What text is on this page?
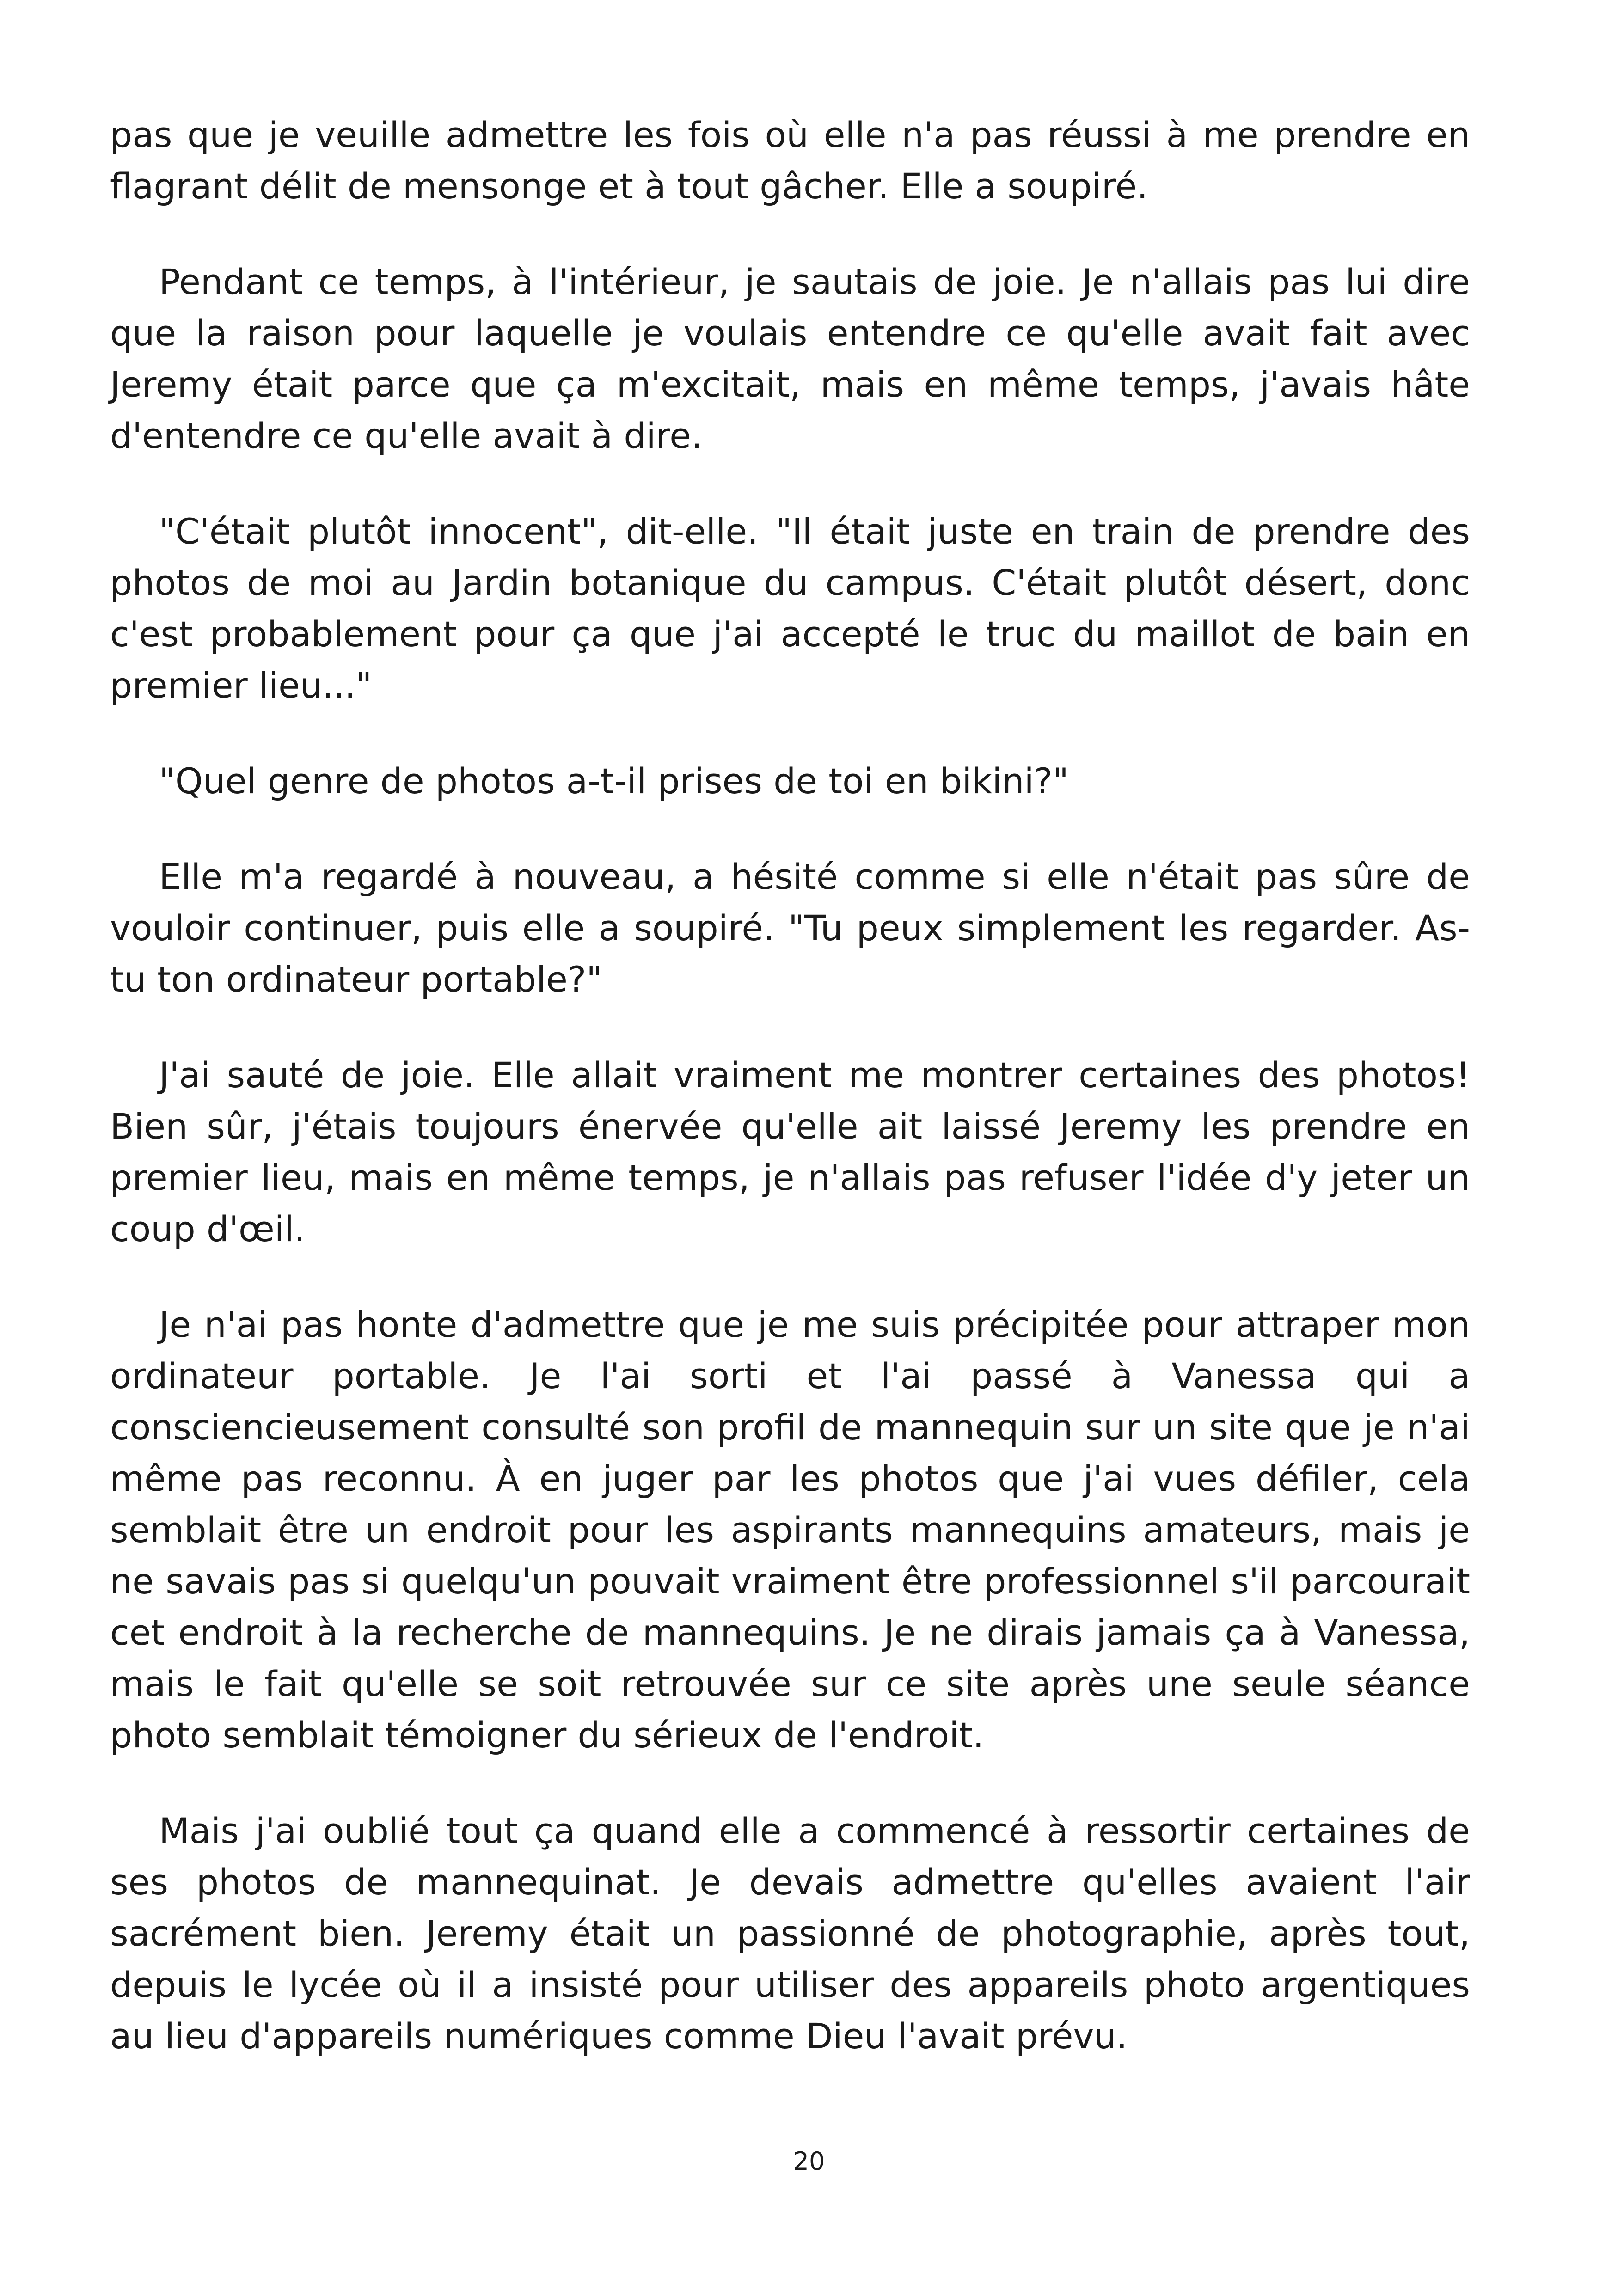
pas que je veuille admettre les fois où elle n'a pas réussi à me prendre en flagrant délit de mensonge et à tout gâcher. Elle a soupiré.

Pendant ce temps, à l'intérieur, je sautais de joie. Je n'allais pas lui dire que la raison pour laquelle je voulais entendre ce qu'elle avait fait avec Jeremy était parce que ça m'excitait, mais en même temps, j'avais hâte d'entendre ce qu'elle avait à dire.

"C'était plutôt innocent", dit-elle. "Il était juste en train de prendre des photos de moi au Jardin botanique du campus. C'était plutôt désert, donc c'est probablement pour ça que j'ai accepté le truc du maillot de bain en premier lieu..."

"Quel genre de photos a-t-il prises de toi en bikini?"

Elle m'a regardé à nouveau, a hésité comme si elle n'était pas sûre de vouloir continuer, puis elle a soupiré. "Tu peux simplement les regarder. As-tu ton ordinateur portable?"

J'ai sauté de joie. Elle allait vraiment me montrer certaines des photos! Bien sûr, j'étais toujours énervée qu'elle ait laissé Jeremy les prendre en premier lieu, mais en même temps, je n'allais pas refuser l'idée d'y jeter un coup d'œil.

Je n'ai pas honte d'admettre que je me suis précipitée pour attraper mon ordinateur portable. Je l'ai sorti et l'ai passé à Vanessa qui a consciencieusement consulté son profil de mannequin sur un site que je n'ai même pas reconnu. À en juger par les photos que j'ai vues défiler, cela semblait être un endroit pour les aspirants mannequins amateurs, mais je ne savais pas si quelqu'un pouvait vraiment être professionnel s'il parcourait cet endroit à la recherche de mannequins. Je ne dirais jamais ça à Vanessa, mais le fait qu'elle se soit retrouvée sur ce site après une seule séance photo semblait témoigner du sérieux de l'endroit.

Mais j'ai oublié tout ça quand elle a commencé à ressortir certaines de ses photos de mannequinat. Je devais admettre qu'elles avaient l'air sacrément bien. Jeremy était un passionné de photographie, après tout, depuis le lycée où il a insisté pour utiliser des appareils photo argentiques au lieu d'appareils numériques comme Dieu l'avait prévu.

20
